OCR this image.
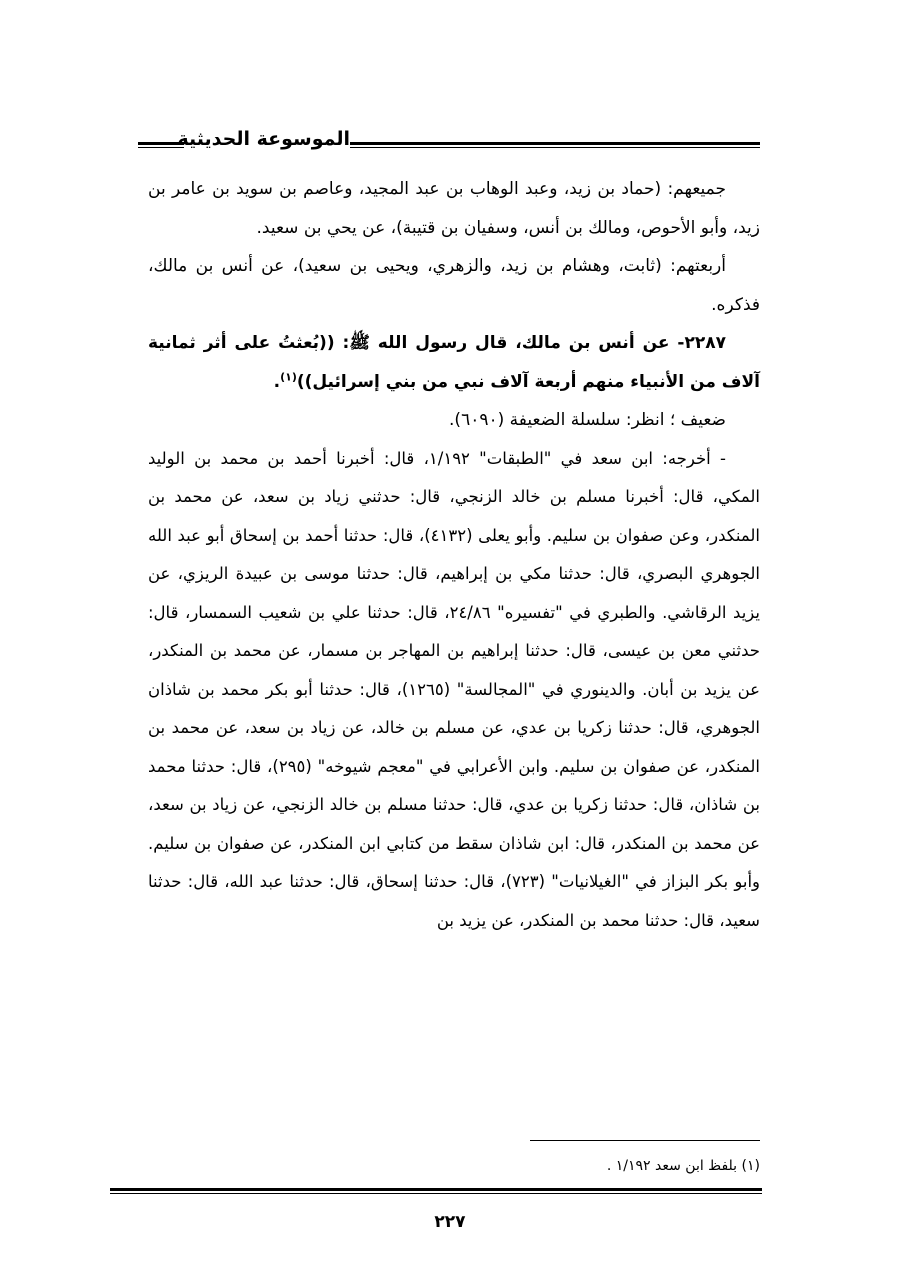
الموسوعة الحديثية

جميعهم: (حماد بن زيد، وعبد الوهاب بن عبد المجيد، وعاصم بن سويد بن عامر بن زيد، وأبو الأحوص، ومالك بن أنس، وسفيان بن قتيبة)، عن يحي بن سعيد.

أربعتهم: (ثابت، وهشام بن زيد، والزهري، ويحيى بن سعيد)، عن أنس بن مالك، فذكره.

٢٢٨٧- عن أنس بن مالك، قال رسول الله ﷺ: ((بُعثتُ على أثر ثمانية آلاف من الأنبياء منهم أربعة آلاف نبي من بني إسرائيل))$^{(١)}$.

ضعيف ؛ انظر: سلسلة الضعيفة (٦٠٩٠).

- أخرجه: ابن سعد في "الطبقات" ١/١٩٢، قال: أخبرنا أحمد بن محمد بن الوليد المكي، قال: أخبرنا مسلم بن خالد الزنجي، قال: حدثني زياد بن سعد، عن محمد بن المنكدر، وعن صفوان بن سليم. وأبو يعلى (٤١٣٢)، قال: حدثنا أحمد بن إسحاق أبو عبد الله الجوهري البصري، قال: حدثنا مكي بن إبراهيم، قال: حدثنا موسى بن عبيدة الريزي، عن يزيد الرقاشي. والطبري في "تفسيره" ٢٤/٨٦، قال: حدثنا علي بن شعيب السمسار، قال: حدثني معن بن عيسى، قال: حدثنا إبراهيم بن المهاجر بن مسمار، عن محمد بن المنكدر، عن يزيد بن أبان. والدينوري في "المجالسة" (١٢٦٥)، قال: حدثنا أبو بكر محمد بن شاذان الجوهري، قال: حدثنا زكريا بن عدي، عن مسلم بن خالد، عن زياد بن سعد، عن محمد بن المنكدر، عن صفوان بن سليم. وابن الأعرابي في "معجم شيوخه" (٢٩٥)، قال: حدثنا محمد بن شاذان، قال: حدثنا زكريا بن عدي، قال: حدثنا مسلم بن خالد الزنجي، عن زياد بن سعد، عن محمد بن المنكدر، قال: ابن شاذان سقط من كتابي ابن المنكدر، عن صفوان بن سليم. وأبو بكر البزاز في "الغيلانيات" (٧٢٣)، قال: حدثنا إسحاق، قال: حدثنا عبد الله، قال: حدثنا سعيد، قال: حدثنا محمد بن المنكدر، عن يزيد بن

(١) بلفظ ابن سعد ١/١٩٢ .
٢٢٧
